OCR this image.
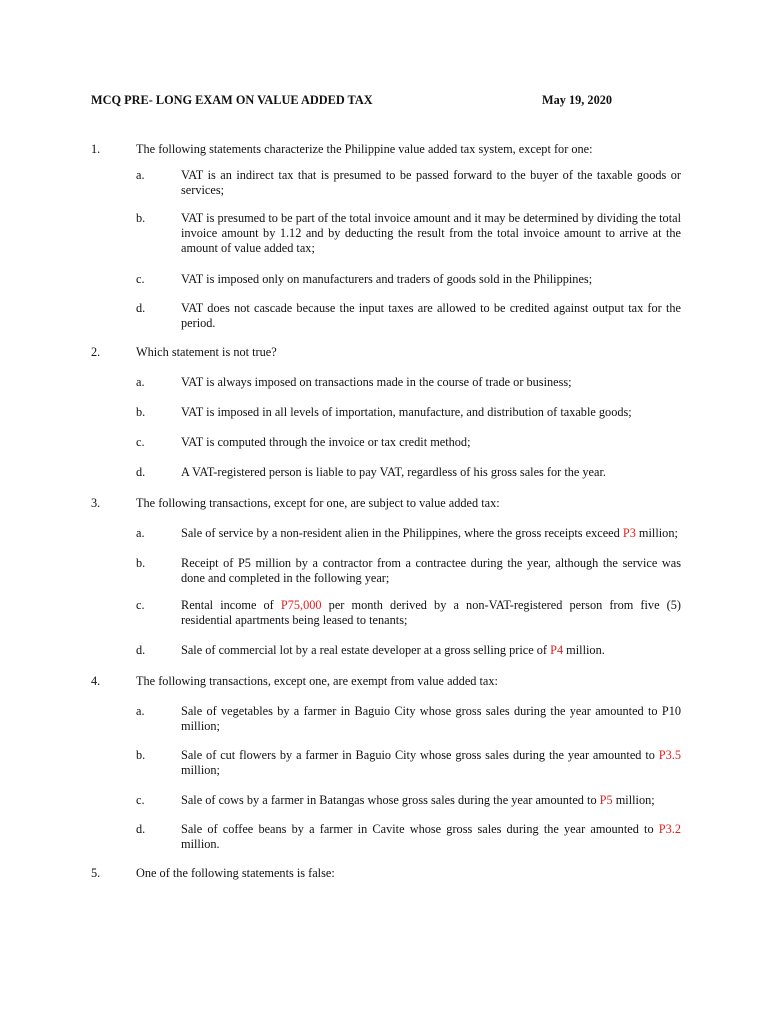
MCQ PRE- LONG EXAM ON VALUE ADDED TAX	May 19, 2020
1.	The following statements characterize the Philippine value added tax system, except for one:
a.	VAT is an indirect tax that is presumed to be passed forward to the buyer of the taxable goods or services;
b.	VAT is presumed to be part of the total invoice amount and it may be determined by dividing the total invoice amount by 1.12 and by deducting the result from the total invoice amount to arrive at the amount of value added tax;
c.	VAT is imposed only on manufacturers and traders of goods sold in the Philippines;
d.	VAT does not cascade because the input taxes are allowed to be credited against output tax for the period.
2.	Which statement is not true?
a.	VAT is always imposed on transactions made in the course of trade or business;
b.	VAT is imposed in all levels of importation, manufacture, and distribution of taxable goods;
c.	VAT is computed through the invoice or tax credit method;
d.	A VAT-registered person is liable to pay VAT, regardless of his gross sales for the year.
3.	The following transactions, except for one, are subject to value added tax:
a.	Sale of service by a non-resident alien in the Philippines, where the gross receipts exceed P3 million;
b.	Receipt of P5 million by a contractor from a contractee during the year, although the service was done and completed in the following year;
c.	Rental income of P75,000 per month derived by a non-VAT-registered person from five (5) residential apartments being leased to tenants;
d.	Sale of commercial lot by a real estate developer at a gross selling price of P4 million.
4.	The following transactions, except one, are exempt from value added tax:
a.	Sale of vegetables by a farmer in Baguio City whose gross sales during the year amounted to P10 million;
b.	Sale of cut flowers by a farmer in Baguio City whose gross sales during the year amounted to P3.5 million;
c.	Sale of cows by a farmer in Batangas whose gross sales during the year amounted to P5 million;
d.	Sale of coffee beans by a farmer in Cavite whose gross sales during the year amounted to P3.2 million.
5.	One of the following statements is false:
